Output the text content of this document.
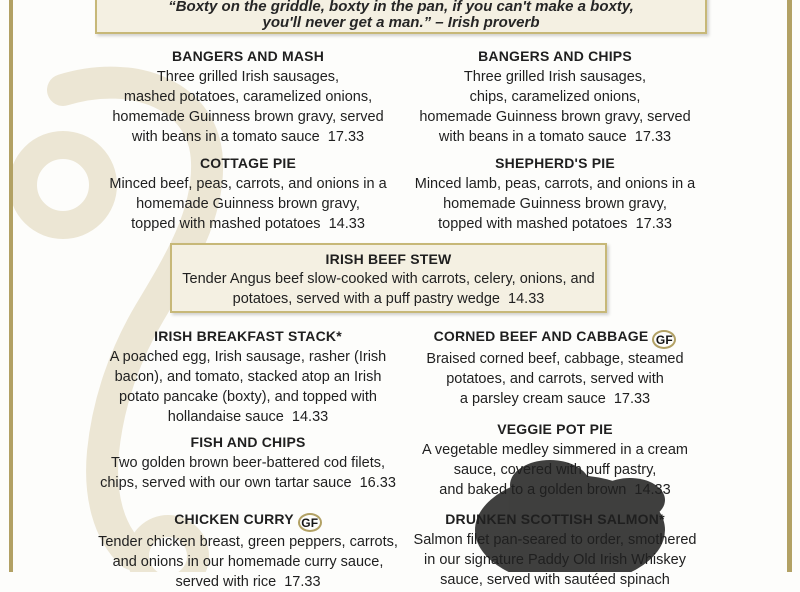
“Boxty on the griddle, boxty in the pan, if you can't make a boxty,
you'll never get a man.” – Irish proverb
BANGERS AND MASH
Three grilled Irish sausages,
mashed potatoes, caramelized onions,
homemade Guinness brown gravy, served
with beans in a tomato sauce  17.33
BANGERS AND CHIPS
Three grilled Irish sausages,
chips, caramelized onions,
homemade Guinness brown gravy, served
with beans in a tomato sauce  17.33
COTTAGE PIE
Minced beef, peas, carrots, and onions in a
homemade Guinness brown gravy,
topped with mashed potatoes  14.33
SHEPHERD'S PIE
Minced lamb, peas, carrots, and onions in a
homemade Guinness brown gravy,
topped with mashed potatoes  17.33
IRISH BEEF STEW
Tender Angus beef slow-cooked with carrots, celery, onions, and
potatoes, served with a puff pastry wedge  14.33
IRISH BREAKFAST STACK*
A poached egg, Irish sausage, rasher (Irish
bacon), and tomato, stacked atop an Irish
potato pancake (boxty), and topped with
hollandaise sauce  14.33
CORNED BEEF AND CABBAGE GF
Braised corned beef, cabbage, steamed
potatoes, and carrots, served with
a parsley cream sauce  17.33
FISH AND CHIPS
Two golden brown beer-battered cod filets,
chips, served with our own tartar sauce  16.33
VEGGIE POT PIE
A vegetable medley simmered in a cream
sauce, covered with puff pastry,
and baked to a golden brown  14.33
CHICKEN CURRY GF
Tender chicken breast, green peppers, carrots,
and onions in our homemade curry sauce,
served with rice  17.33
DRUNKEN SCOTTISH SALMON*
Salmon filet pan-seared to order, smothered
in our signature Paddy Old Irish Whiskey
sauce, served with sautéed spinach
